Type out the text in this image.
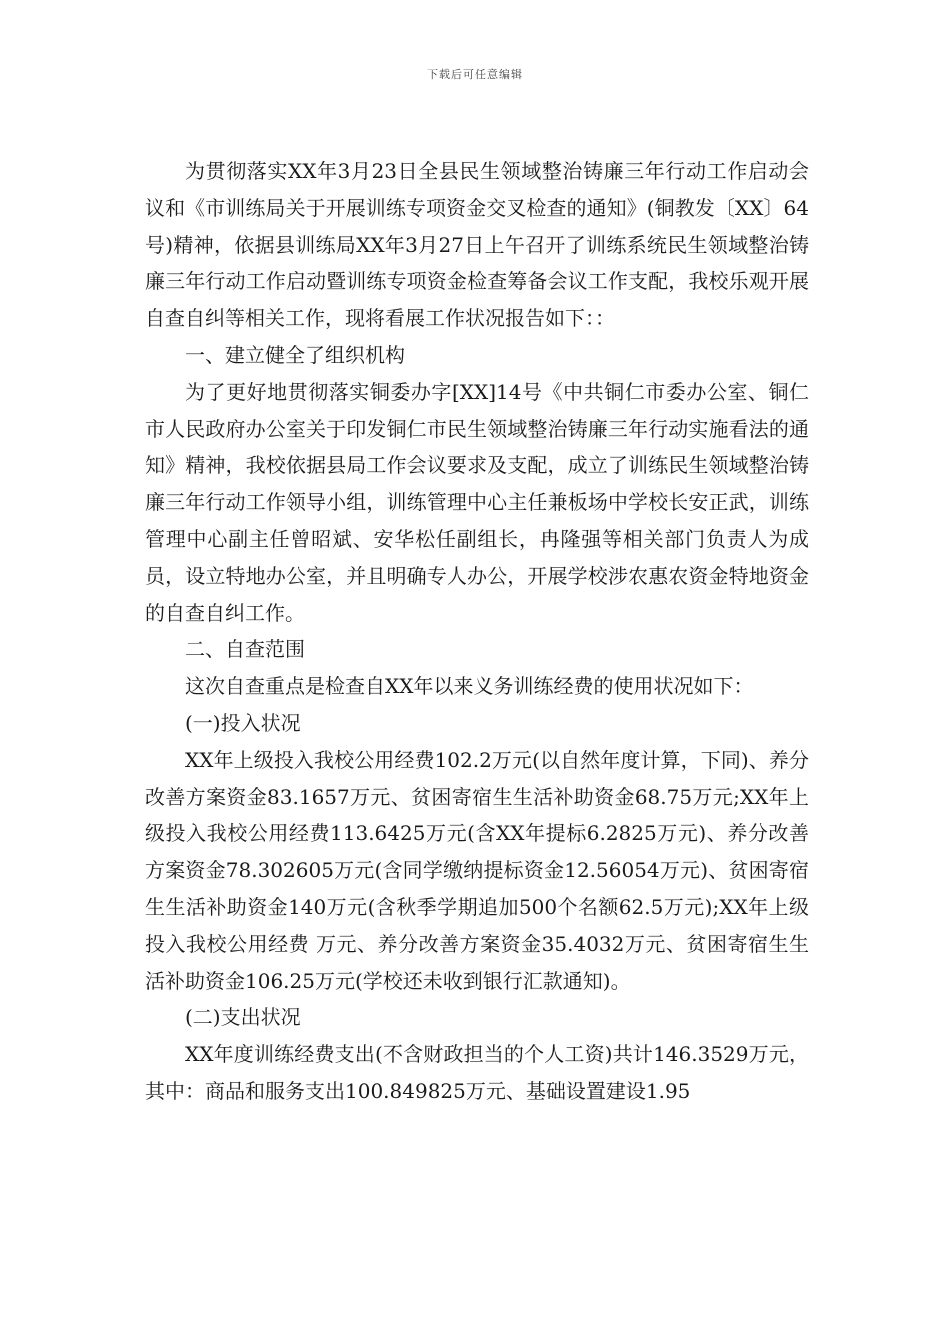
下载后可任意编辑

为贯彻落实XX年3月23日全县民生领域整治铸廉三年行动工作启动会议和《市训练局关于开展训练专项资金交叉检查的通知》(铜教发〔XX〕64号)精神，依据县训练局XX年3月27日上午召开了训练系统民生领域整治铸廉三年行动工作启动暨训练专项资金检查筹备会议工作支配，我校乐观开展自查自纠等相关工作，现将看展工作状况报告如下：：

一、建立健全了组织机构

为了更好地贯彻落实铜委办字[XX]14号《中共铜仁市委办公室、铜仁市人民政府办公室关于印发铜仁市民生领域整治铸廉三年行动实施看法的通知》精神，我校依据县局工作会议要求及支配，成立了训练民生领域整治铸廉三年行动工作领导小组，训练管理中心主任兼板场中学校长安正武，训练管理中心副主任曾昭斌、安华松任副组长，冉隆强等相关部门负责人为成员，设立特地办公室，并且明确专人办公，开展学校涉农惠农资金特地资金的自查自纠工作。

二、自查范围

这次自查重点是检查自XX年以来义务训练经费的使用状况如下：

(一)投入状况

XX年上级投入我校公用经费102.2万元(以自然年度计算，下同)、养分改善方案资金83.1657万元、贫困寄宿生生活补助资金68.75万元;XX年上级投入我校公用经费113.6425万元(含XX年提标6.2825万元)、养分改善方案资金78.302605万元(含同学缴纳提标资金12.56054万元)、贫困寄宿生生活补助资金140万元(含秋季学期追加500个名额62.5万元);XX年上级投入我校公用经费 万元、养分改善方案资金35.4032万元、贫困寄宿生生活补助资金106.25万元(学校还未收到银行汇款通知)。

(二)支出状况

XX年度训练经费支出(不含财政担当的个人工资)共计146.3529万元，其中：商品和服务支出100.849825万元、基础设置建设1.95
